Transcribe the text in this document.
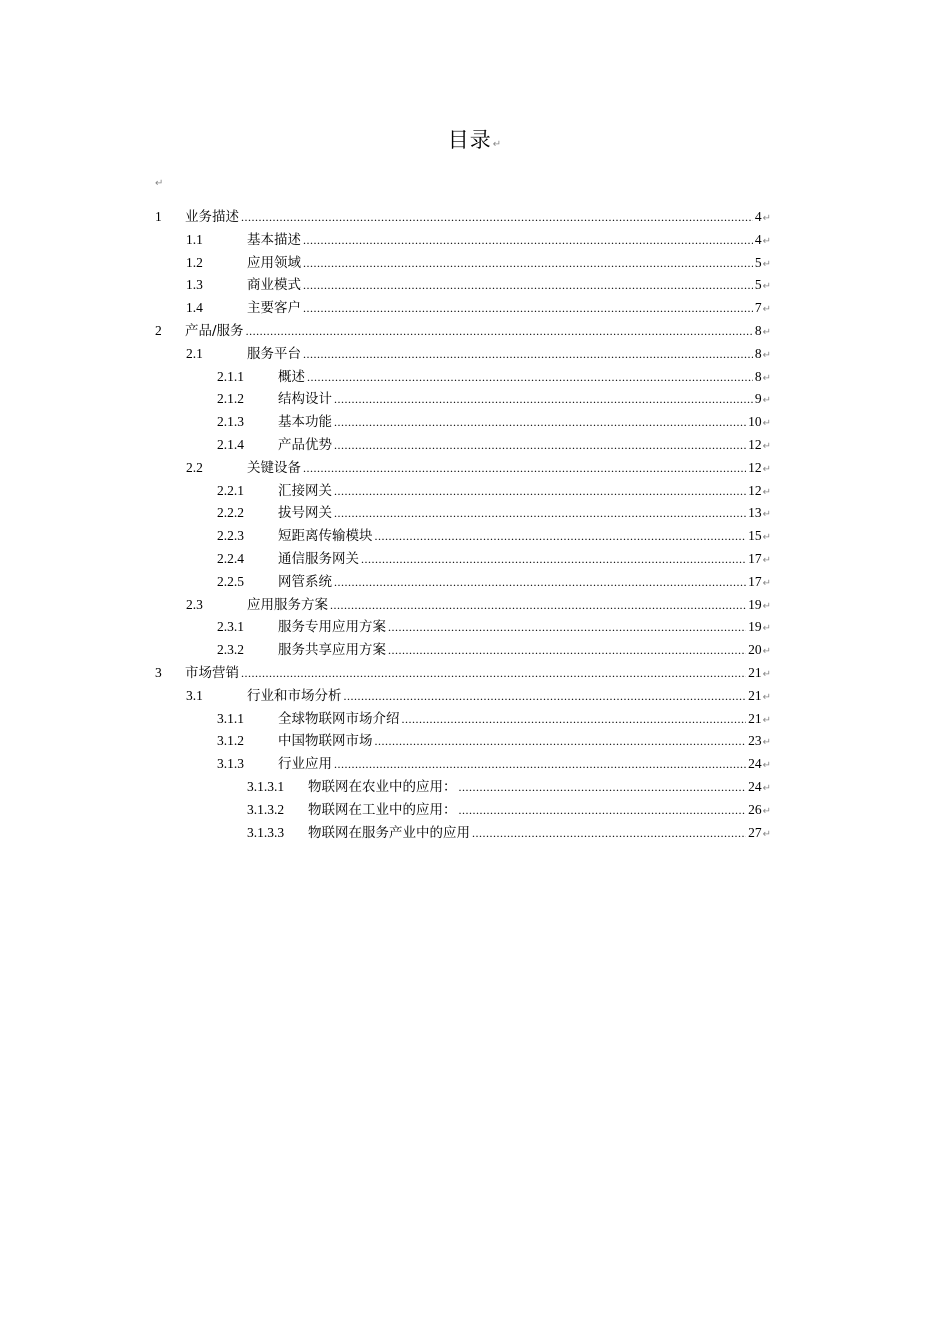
目录↵
↵
1	业务描述 .....	4 ↵
1.1	基本描述 .....	4 ↵
1.2	应用领域 .....	5 ↵
1.3	商业模式 .....	5 ↵
1.4	主要客户 .....	7 ↵
2	产品/服务 .....	8 ↵
2.1	服务平台 .....	8 ↵
2.1.1	概述 .....	8 ↵
2.1.2	结构设计 .....	9 ↵
2.1.3	基本功能 .....	10 ↵
2.1.4	产品优势 .....	12 ↵
2.2	关键设备 .....	12 ↵
2.2.1	汇接网关 .....	12 ↵
2.2.2	拔号网关 .....	13 ↵
2.2.3	短距离传输模块 .....	15 ↵
2.2.4	通信服务网关 .....	17 ↵
2.2.5	网管系统 .....	17 ↵
2.3	应用服务方案 .....	19 ↵
2.3.1	服务专用应用方案 .....	19 ↵
2.3.2	服务共享应用方案 .....	20 ↵
3	市场营销 .....	21 ↵
3.1	行业和市场分析 .....	21 ↵
3.1.1	全球物联网市场介绍 .....	21 ↵
3.1.2	中国物联网市场 .....	23 ↵
3.1.3	行业应用 .....	24 ↵
3.1.3.1	物联网在农业中的应用： .....	24 ↵
3.1.3.2	物联网在工业中的应用： .....	26 ↵
3.1.3.3	物联网在服务产业中的应用 .....	27 ↵
